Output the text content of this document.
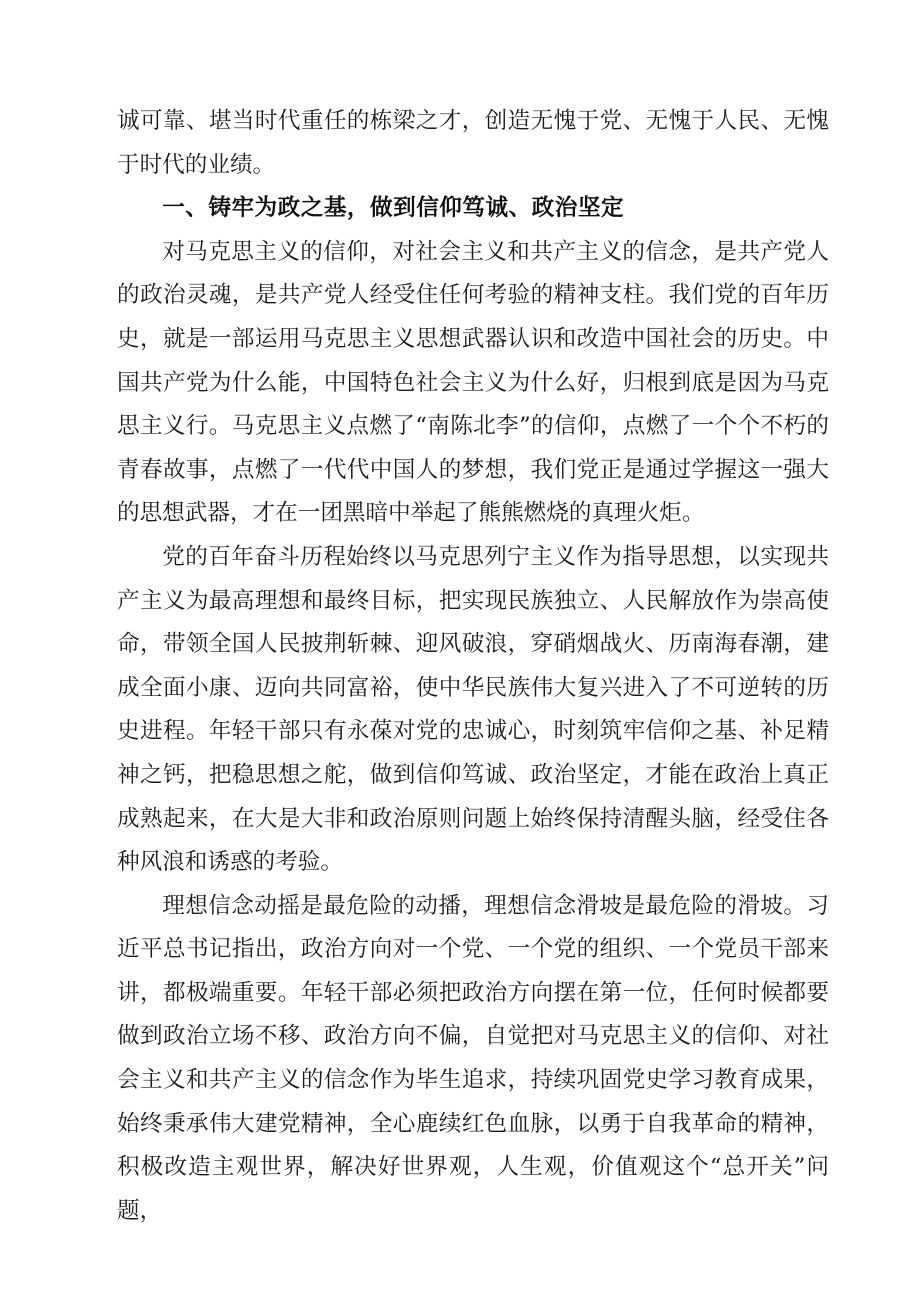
诚可靠、堪当时代重任的栋梁之才，创造无愧于党、无愧于人民、无愧于时代的业绩。

一、铸牢为政之基，做到信仰笃诚、政治坚定

对马克思主义的信仰，对社会主义和共产主义的信念，是共产党人的政治灵魂，是共产党人经受住任何考验的精神支柱。我们党的百年历史，就是一部运用马克思主义思想武器认识和改造中国社会的历史。中国共产党为什么能，中国特色社会主义为什么好，归根到底是因为马克思主义行。马克思主义点燃了“南陈北李”的信仰，点燃了一个个不朽的青春故事，点燃了一代代中国人的梦想，我们党正是通过学握这一强大的思想武器，才在一团黑暗中举起了熊熊燃烧的真理火炬。

党的百年奋斗历程始终以马克思列宁主义作为指导思想，以实现共产主义为最高理想和最终目标，把实现民族独立、人民解放作为崇高使命，带领全国人民披荆斩棘、迎风破浪，穿硝烟战火、历南海春潮，建成全面小康、迈向共同富裕，使中华民族伟大复兴进入了不可逆转的历史进程。年轻干部只有永葆对党的忠诚心，时刻筑牢信仰之基、补足精神之钙，把稳思想之舵，做到信仰笃诚、政治坚定，才能在政治上真正成熟起来，在大是大非和政治原则问题上始终保持清醒头脑，经受住各种风浪和诱惑的考验。

理想信念动摇是最危险的动播，理想信念滑坡是最危险的滑坡。习近平总书记指出，政治方向对一个党、一个党的组织、一个党员干部来讲，都极端重要。年轻干部必须把政治方向摆在第一位，任何时候都要做到政治立场不移、政治方向不偏，自觉把对马克思主义的信仰、对社会主义和共产主义的信念作为毕生追求，持续巩固党史学习教育成果，始终秉承伟大建党精神，全心鹿续红色血脉，以勇于自我革命的精神，积极改造主观世界，解决好世界观，人生观，价值观这个“总开关”问题，
